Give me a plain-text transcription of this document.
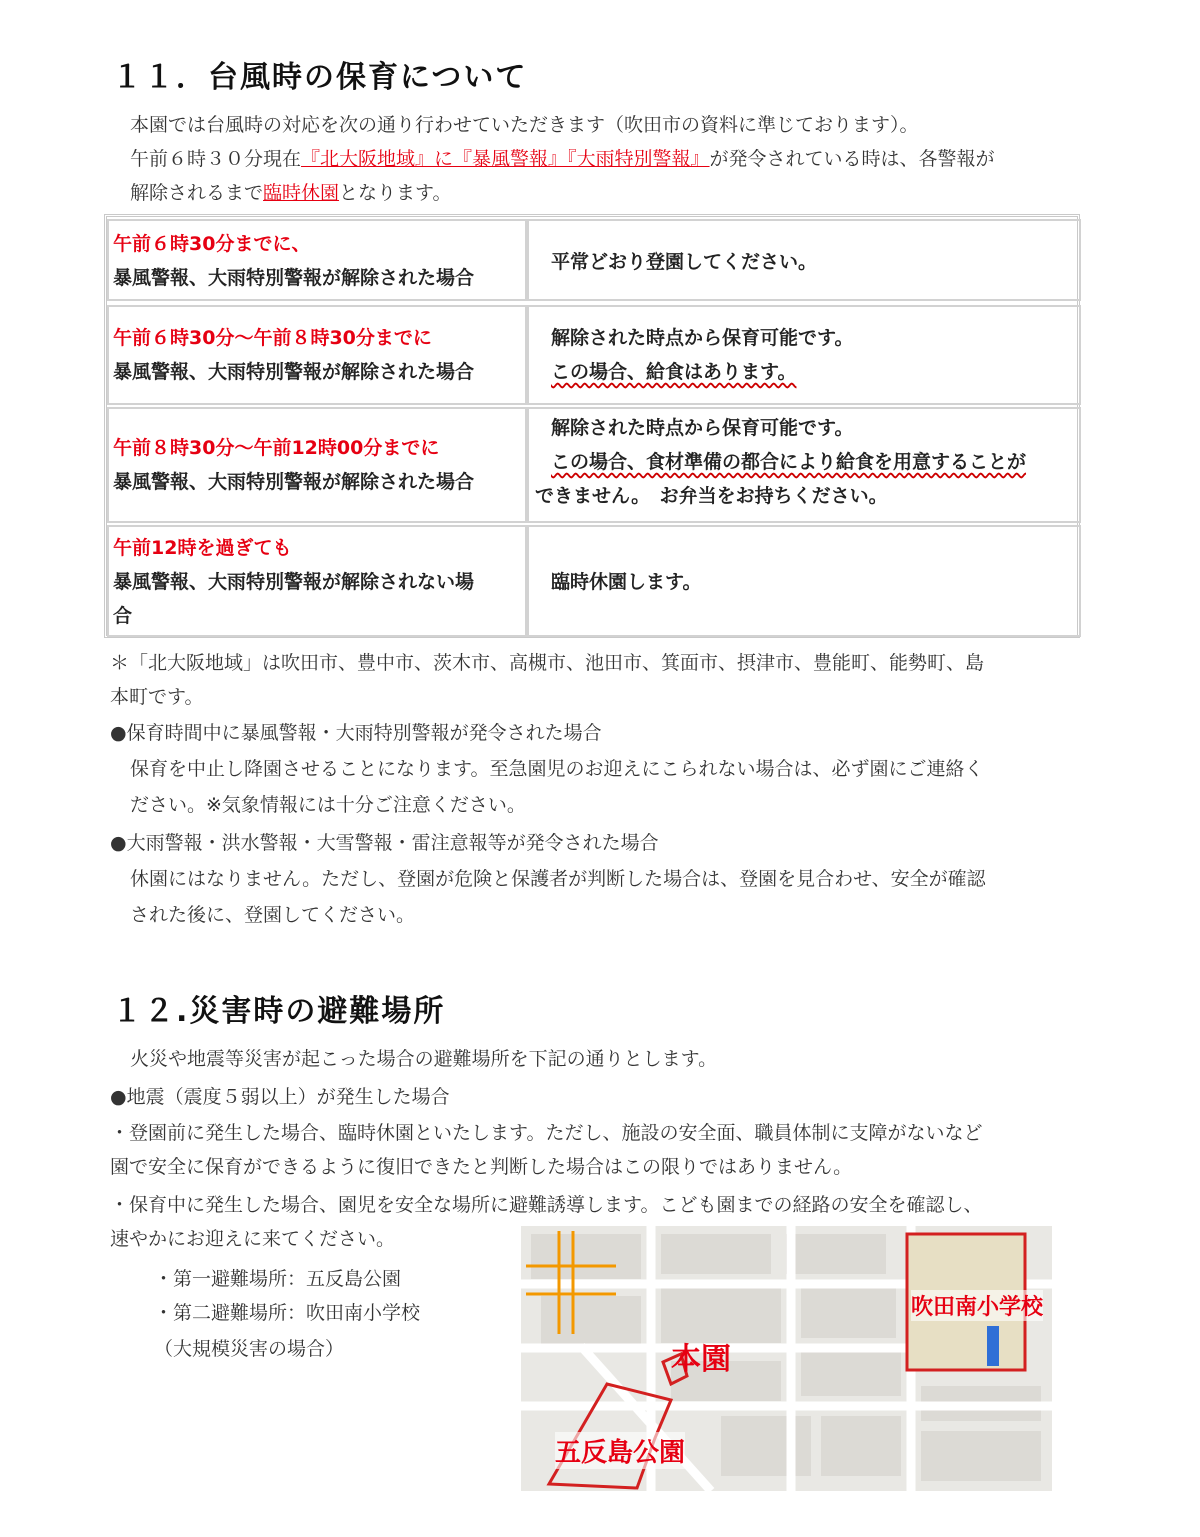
１１．台風時の保育について
本園では台風時の対応を次の通り行わせていただきます（吹田市の資料に準じております）。
午前６時３０分現在『北大阪地域』に『暴風警報』『大雨特別警報』が発令されている時は、各警報が
解除されるまで臨時休園となります。
午前６時30分までに、
暴風警報、大雨特別警報が解除された場合
平常どおり登園してください。
午前６時30分～午前８時30分までに
暴風警報、大雨特別警報が解除された場合
解除された時点から保育可能です。
この場合、給食はあります。
午前８時30分～午前12時00分までに
暴風警報、大雨特別警報が解除された場合
解除された時点から保育可能です。
この場合、食材準備の都合により給食を用意することが
できません。　お弁当をお持ちください。
午前12時を過ぎても
暴風警報、大雨特別警報が解除されない場
合
臨時休園します。
＊「北大阪地域」は吹田市、豊中市、茨木市、高槻市、池田市、箕面市、摂津市、豊能町、能勢町、島
本町です。
●保育時間中に暴風警報・大雨特別警報が発令された場合
保育を中止し降園させることになります。至急園児のお迎えにこられない場合は、必ず園にご連絡く
ださい。※気象情報には十分ご注意ください。
●大雨警報・洪水警報・大雪警報・雷注意報等が発令された場合
休園にはなりません。ただし、登園が危険と保護者が判断した場合は、登園を見合わせ、安全が確認
された後に、登園してください。
１２.災害時の避難場所
火災や地震等災害が起こった場合の避難場所を下記の通りとします。
●地震（震度５弱以上）が発生した場合
・登園前に発生した場合、臨時休園といたします。ただし、施設の安全面、職員体制に支障がないなど
園で安全に保育ができるように復旧できたと判断した場合はこの限りではありません。
・保育中に発生した場合、園児を安全な場所に避難誘導します。こども園までの経路の安全を確認し、
速やかにお迎えに来てください。
・第一避難場所：五反島公園
・第二避難場所：吹田南小学校
（大規模災害の場合）
吹田南小学校
本園
五反島公園
